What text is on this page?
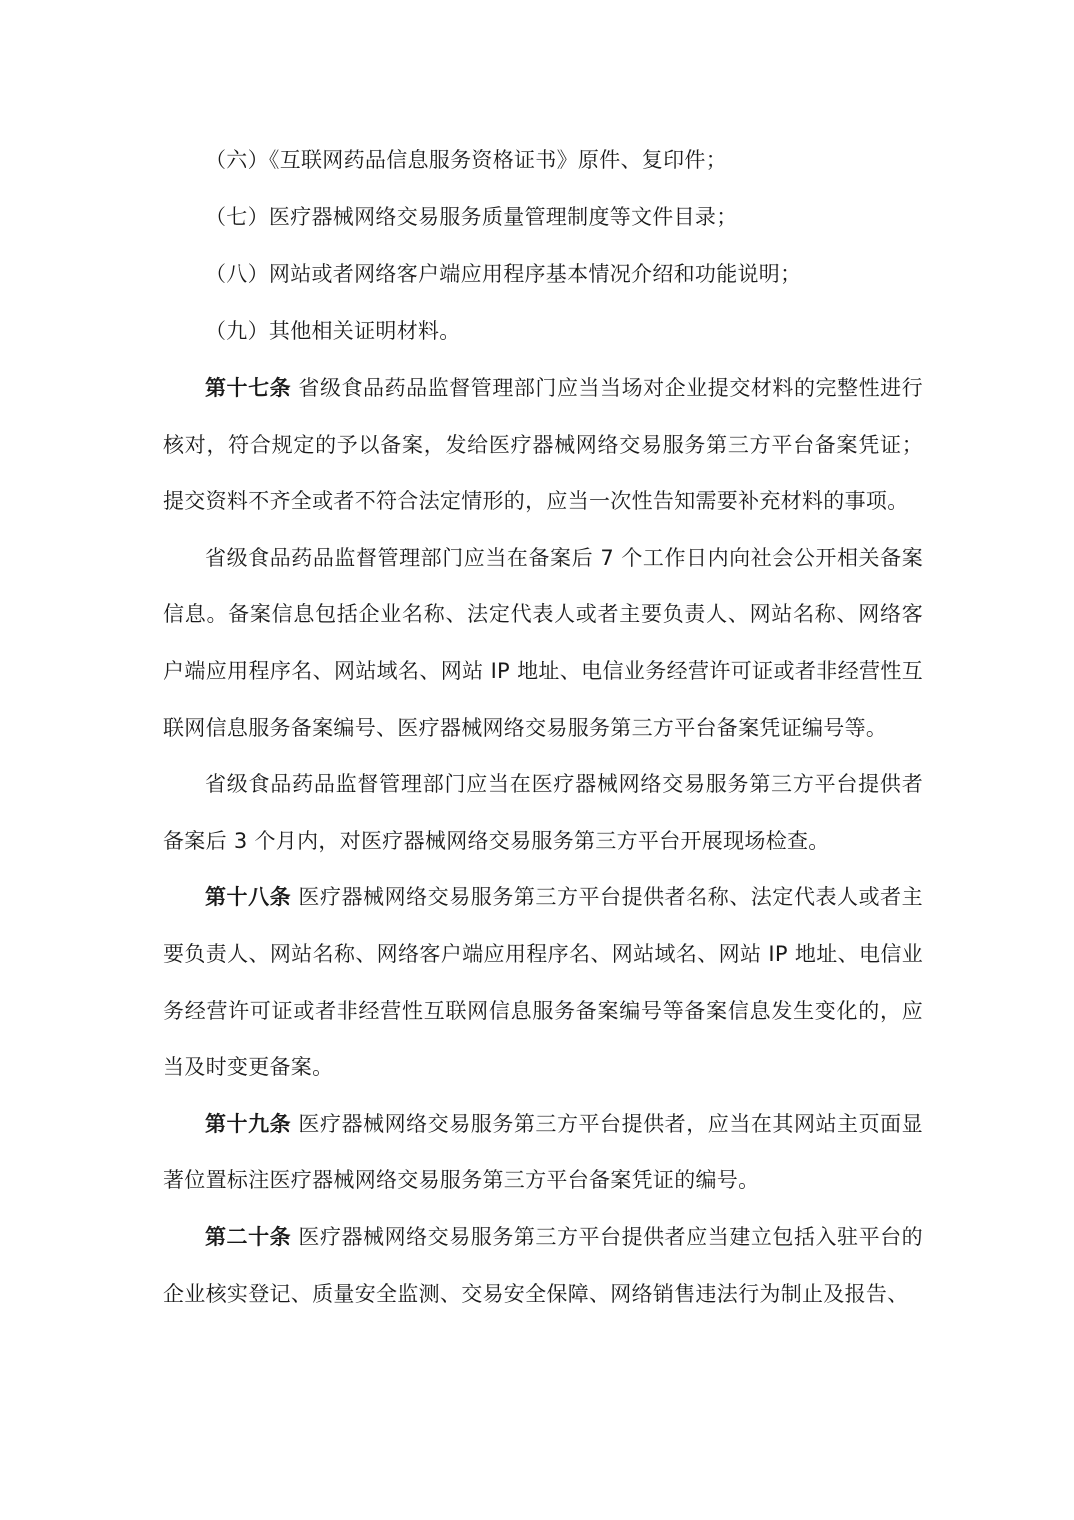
（六）《互联网药品信息服务资格证书》原件、复印件；

（七）医疗器械网络交易服务质量管理制度等文件目录；

（八）网站或者网络客户端应用程序基本情况介绍和功能说明；

（九）其他相关证明材料。

第十七条 省级食品药品监督管理部门应当当场对企业提交材料的完整性进行核对，符合规定的予以备案，发给医疗器械网络交易服务第三方平台备案凭证；提交资料不齐全或者不符合法定情形的，应当一次性告知需要补充材料的事项。

省级食品药品监督管理部门应当在备案后 7 个工作日内向社会公开相关备案信息。备案信息包括企业名称、法定代表人或者主要负责人、网站名称、网络客户端应用程序名、网站域名、网站 IP 地址、电信业务经营许可证或者非经营性互联网信息服务备案编号、医疗器械网络交易服务第三方平台备案凭证编号等。

省级食品药品监督管理部门应当在医疗器械网络交易服务第三方平台提供者备案后 3 个月内，对医疗器械网络交易服务第三方平台开展现场检查。

第十八条 医疗器械网络交易服务第三方平台提供者名称、法定代表人或者主要负责人、网站名称、网络客户端应用程序名、网站域名、网站 IP 地址、电信业务经营许可证或者非经营性互联网信息服务备案编号等备案信息发生变化的，应当及时变更备案。

第十九条 医疗器械网络交易服务第三方平台提供者，应当在其网站主页面显著位置标注医疗器械网络交易服务第三方平台备案凭证的编号。

第二十条 医疗器械网络交易服务第三方平台提供者应当建立包括入驻平台的企业核实登记、质量安全监测、交易安全保障、网络销售违法行为制止及报告、
